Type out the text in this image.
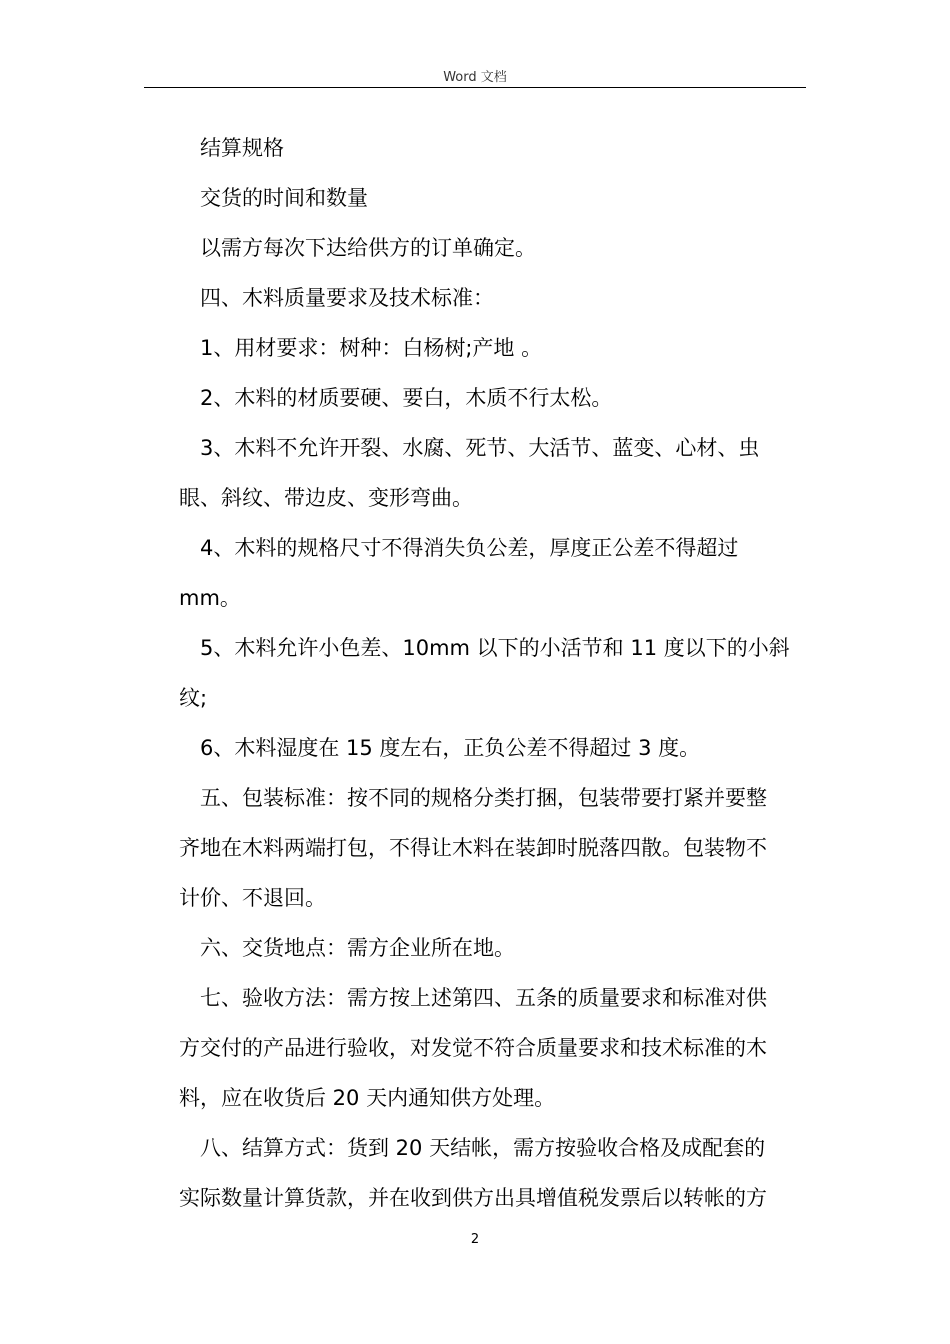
Word 文档
结算规格
交货的时间和数量
以需方每次下达给供方的订单确定。
四、木料质量要求及技术标准：
1、用材要求：树种：白杨树;产地 。
2、木料的材质要硬、要白，木质不行太松。
3、木料不允许开裂、水腐、死节、大活节、蓝变、心材、虫
眼、斜纹、带边皮、变形弯曲。
4、木料的规格尺寸不得消失负公差，厚度正公差不得超过
mm。
5、木料允许小色差、10mm 以下的小活节和 11 度以下的小斜
纹;
6、木料湿度在 15 度左右，正负公差不得超过 3 度。
五、包装标准：按不同的规格分类打捆，包装带要打紧并要整
齐地在木料两端打包，不得让木料在装卸时脱落四散。包装物不
计价、不退回。
六、交货地点：需方企业所在地。
七、验收方法：需方按上述第四、五条的质量要求和标准对供
方交付的产品进行验收，对发觉不符合质量要求和技术标准的木
料，应在收货后 20 天内通知供方处理。
八、结算方式：货到 20 天结帐，需方按验收合格及成配套的
实际数量计算货款，并在收到供方出具增值税发票后以转帐的方
2
